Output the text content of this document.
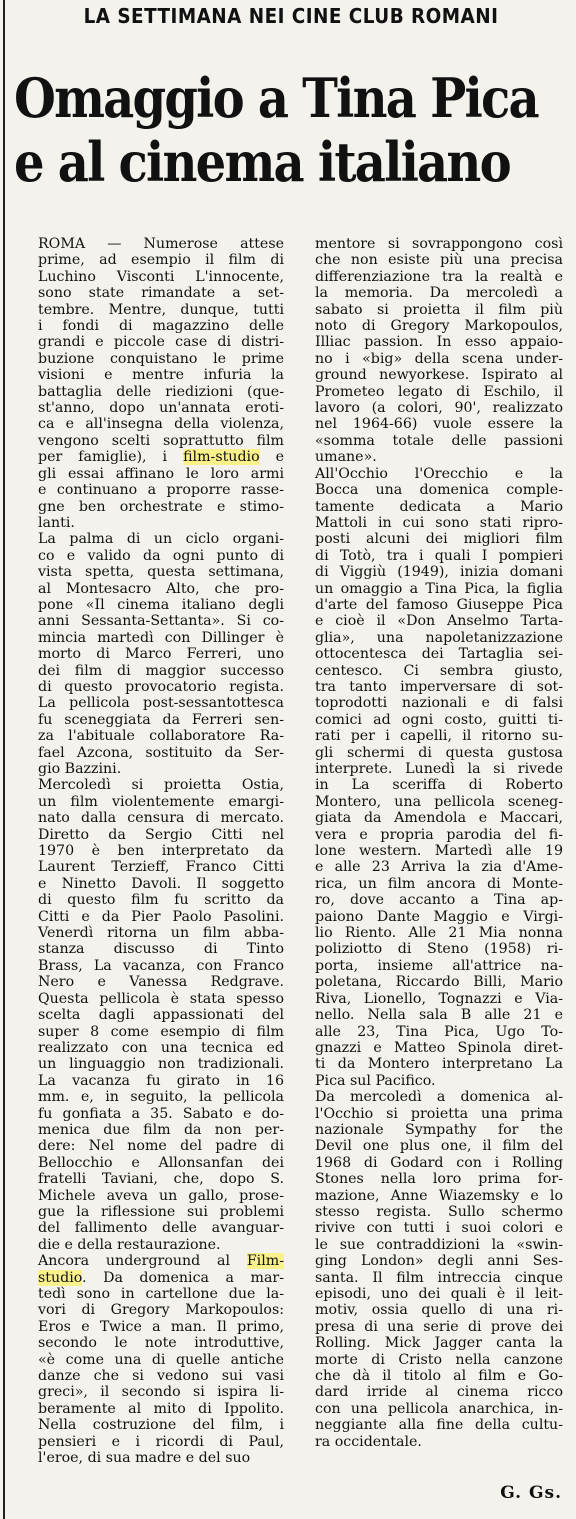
LA SETTIMANA NEI CINE CLUB ROMANI
Omaggio a Tina Pica
e al cinema italiano

ROMA — Numerose attese
prime, ad esempio il film di
Luchino Visconti L'innocente,
sono state rimandate a set-
tembre. Mentre, dunque, tutti
i fondi di magazzino delle
grandi e piccole case di distri-
buzione conquistano le prime
visioni e mentre infuria la
battaglia delle riedizioni (que-
st'anno, dopo un'annata eroti-
ca e all'insegna della violenza,
vengono scelti soprattutto film
per famiglie), i film-studio e
gli essai affinano le loro armi
e continuano a proporre rasse-
gne ben orchestrate e stimo-
lanti.

La palma di un ciclo organi-
co e valido da ogni punto di
vista spetta, questa settimana,
al Montesacro Alto, che pro-
pone «Il cinema italiano degli
anni Sessanta-Settanta». Si co-
mincia martedì con Dillinger è
morto di Marco Ferreri, uno
dei film di maggior successo
di questo provocatorio regista.
La pellicola post-sessantottesca
fu sceneggiata da Ferreri sen-
za l'abituale collaboratore Ra-
fael Azcona, sostituito da Ser-
gio Bazzini.

Mercoledì si proietta Ostia,
un film violentemente emargi-
nato dalla censura di mercato.
Diretto da Sergio Citti nel
1970 è ben interpretato da
Laurent Terzieff, Franco Citti
e Ninetto Davoli. Il soggetto
di questo film fu scritto da
Citti e da Pier Paolo Pasolini.
Venerdì ritorna un film abba-
stanza discusso di Tinto
Brass, La vacanza, con Franco
Nero e Vanessa Redgrave.
Questa pellicola è stata spesso
scelta dagli appassionati del
super 8 come esempio di film
realizzato con una tecnica ed
un linguaggio non tradizionali.
La vacanza fu girato in 16
mm. e, in seguito, la pellicola
fu gonfiata a 35. Sabato e do-
menica due film da non per-
dere: Nel nome del padre di
Bellocchio e Allonsanfan dei
fratelli Taviani, che, dopo S.
Michele aveva un gallo, prose-
gue la riflessione sui problemi
del fallimento delle avanguar-
die e della restaurazione.

Ancora underground al Film-
studio. Da domenica a mar-
tedì sono in cartellone due la-
vori di Gregory Markopoulos:
Eros e Twice a man. Il primo,
secondo le note introduttive,
«è come una di quelle antiche
danze che si vedono sui vasi
greci», il secondo si ispira li-
beramente al mito di Ippolito.
Nella costruzione del film, i
pensieri e i ricordi di Paul,
l'eroe, di sua madre e del suo

mentore si sovrappongono così
che non esiste più una precisa
differenziazione tra la realtà e
la memoria. Da mercoledì a
sabato si proietta il film più
noto di Gregory Markopoulos,
Illiac passion. In esso appaio-
no i «big» della scena under-
ground newyorkese. Ispirato al
Prometeo legato di Eschilo, il
lavoro (a colori, 90', realizzato
nel 1964-66) vuole essere la
«somma totale delle passioni
umane».

All'Occhio l'Orecchio e la
Bocca una domenica comple-
tamente dedicata a Mario
Mattoli in cui sono stati ripro-
posti alcuni dei migliori film
di Totò, tra i quali I pompieri
di Viggiù (1949), inizia domani
un omaggio a Tina Pica, la figlia
d'arte del famoso Giuseppe Pica
e cioè il «Don Anselmo Tarta-
glia», una napoletanizzazione
ottocentesca dei Tartaglia sei-
centesco. Ci sembra giusto,
tra tanto imperversare di sot-
toprodotti nazionali e di falsi
comici ad ogni costo, guitti ti-
rati per i capelli, il ritorno su-
gli schermi di questa gustosa
interprete. Lunedì la si rivede
in La sceriffa di Roberto
Montero, una pellicola sceneg-
giata da Amendola e Maccari,
vera e propria parodia del fi-
lone western. Martedì alle 19
e alle 23 Arriva la zia d'Ame-
rica, un film ancora di Monte-
ro, dove accanto a Tina ap-
paiono Dante Maggio e Virgi-
lio Riento. Alle 21 Mia nonna
poliziotto di Steno (1958) ri-
porta, insieme all'attrice na-
poletana, Riccardo Billi, Mario
Riva, Lionello, Tognazzi e Via-
nello. Nella sala B alle 21 e
alle 23, Tina Pica, Ugo To-
gnazzi e Matteo Spinola diret-
ti da Montero interpretano La
Pica sul Pacifico.

Da mercoledì a domenica al-
l'Occhio si proietta una prima
nazionale Sympathy for the
Devil one plus one, il film del
1968 di Godard con i Rolling
Stones nella loro prima for-
mazione, Anne Wiazemsky e lo
stesso regista. Sullo schermo
rivive con tutti i suoi colori e
le sue contraddizioni la «swin-
ging London» degli anni Ses-
santa. Il film intreccia cinque
episodi, uno dei quali è il leit-
motiv, ossia quello di una ri-
presa di una serie di prove dei
Rolling. Mick Jagger canta la
morte di Cristo nella canzone
che dà il titolo al film e Go-
dard irride al cinema ricco
con una pellicola anarchica, in-
neggiante alla fine della cultu-
ra occidentale.

G. Gs.
